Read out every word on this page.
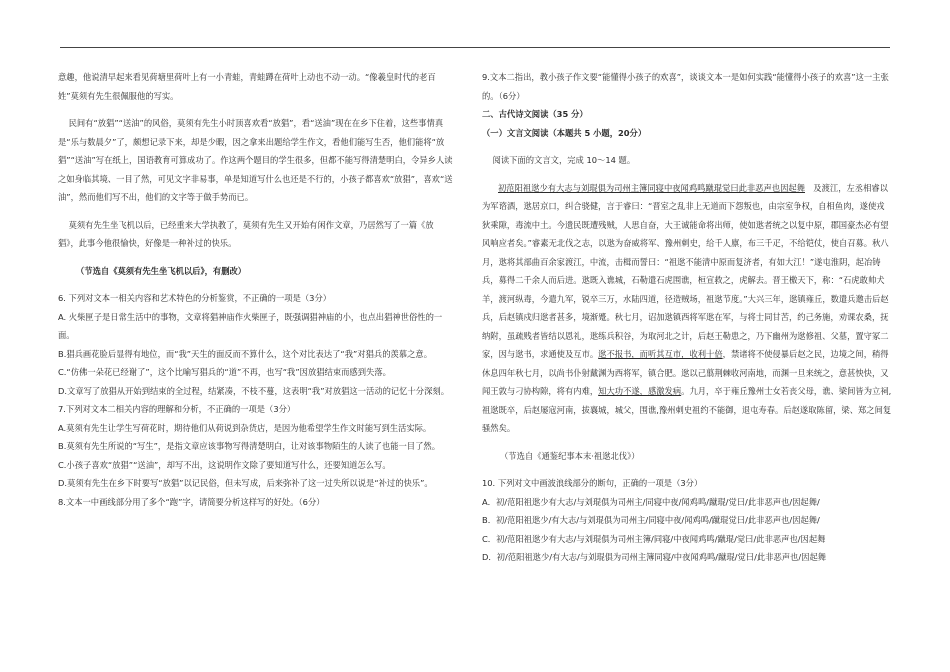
意趣，他说清早起来看见荷塘里荷叶上有一小青蛙，青蛙蹲在荷叶上动也不动一动。“像羲皇时代的老百姓”莫须有先生很佩服他的写实。

民间有“放猖”“送油”的风俗，莫须有先生小时顶喜欢看“放猖”，看“送油”现在在乡下住着，这些事情真是“乐与数晨夕”了，颇想记录下来，却是少暇，因之拿来出题给学生作文，看他们能写生否，他们能将“放猖”“送油”写在纸上，国语教育可算成功了。作这两个题目的学生很多，但都不能写得清楚明白，令异乡人读之如身临其境、一目了然，可见文字非易事，单是知道写什么也还是不行的，小孩子都喜欢“放猖”，喜欢“送油”，然而他们写不出，他们的文字等于做手势而已。

莫须有先生坐飞机以后，已经重来大学执教了，莫须有先生又开始有闲作文章，乃居然写了一篇《放猖》，此事今他很愉快，好像是一种补过的快乐。

（节选自《莫须有先生坐飞机以后》，有删改）

6. 下列对文本一相关内容和艺术特色的分析鉴赏，不正确的一项是（3分）

A. 火柴匣子是日常生活中的事物，文章将猖神庙作火柴匣子，既强调猖神庙的小，也点出猖神世俗性的一面。

B.猖兵画花脸后显得有地位，而“我”天生的面反而不算什么，这个对比表达了“我”对猖兵的羡慕之意。

C.“仿佛一朵花已经谢了”，这个比喻写猖兵的“道”不再，也写“我”因放猖结束而感到失落。

D.文章写了放猖从开始到结束的全过程，结紧凑，不枝不蔓，这表明“我”对放猖这一活动的记忆十分深刻。

7.下列对文本二相关内容的理解和分析，不正确的一项是（3分）

A.莫须有先生让学生写荷花时，期待他们从荷说到杂货店，是因为他希望学生作文时能写到生活实际。

B.莫须有先生所说的“写生”，是指文章应该事物写得清楚明白，让对该事物陌生的人读了也能一目了然。

C.小孩子喜欢“放猖”“送油”，却写不出，这说明作文除了要知道写什么，还要知道怎么写。

D.莫须有先生在乡下时要写“放猖”以记民俗，但未写成，后来弥补了这一过失所以说是“补过的快乐”。

8.文本一中画线部分用了多个“跑”字，请简要分析这样写的好处。（6分）

9.文本二指出，教小孩子作文要“能懂得小孩子的欢喜”，谈谈文本一是如何实践“能懂得小孩子的欢喜”这一主张的。（6分）

二、古代诗文阅读（35 分）

（一）文言文阅读（本题共 5 小题，20分）

阅读下面的文言文，完成 10～14 题。

初范阳祖逖少有大志与刘琨俱为司州主簿同寝中夜闻鸡鸣蹴琨觉曰此非恶声也因起舞　及渡江，左丞相睿以为军谘酒，逖居京口，纠合骁健，言于睿曰：“晋室之乱非上无道而下怨叛也，由宗室争权，自相鱼肉，遂使戎狄乘隙，毒流中土。今遗民既遭残贼，人思自奋，大王诚能命将出师，使如逖者统之以复中原，郡国豪杰必有望风响应者矣。”睿素无北伐之志，以逖为奋威将军、豫州刺史，给千人廪，布三千疋，不给铠仗，使自召募。秋八月，逖将其部曲百余家渡江，中流，击楫而誓曰：“祖逖不能清中原而复济者，有如大江！”遂屯淮阴，起冶铸兵，募得二千余人而后进。逖既入谯城，石勒遣石虎围谯，桓宣救之，虎解去。晋王檄天下，称：“石虎敢帅犬羊，渡河纵毒，今遣九军，锐卒三万，水陆四道，径造贼场，祖逖节度。”大兴三年，逖镇雍丘，数遣兵邀击后赵兵，后赵镇戍归逖者甚多，境渐蹙。秋七月，诏加逖镇西将军逖在军，与将士同甘苦，约己务施，劝课农桑，抚纳附，虽疏贱者皆结以恩礼，逖练兵积谷，为取河北之计，后赵王勒患之，乃下幽州为逖修祖、父墓，置守冢二家，因与逖书，求通使及互市。逖不报书，而听其互市，收利十倍，禁诸将不使侵暴后赵之民，边境之间，稍得休息四年秋七月，以尚书仆射戴渊为西将军，镇合肥。逖以己翦荆棘收河南地，而渊一旦来统之，意甚怏快，又闻王敦与刁协构隙，将有内难，知大功不遂，感激发病。九月，卒于雍丘豫州士女若丧父母，谯、梁间皆为立祠,祖逖既卒，后赵屡寇河南，拔襄城，城父，围谯,豫州刺史祖约不能御，退屯寿春。后赵遂取陈留，梁、郑之间复骚然矣。

（节选自《通鉴纪事本末·祖逖北伐》）

10. 下列对文中画波浪线部分的断句，正确的一项是（3分）

A．初/范阳祖逖少有大志/与刘琨俱为司州主/同寝中夜/闻鸡鸣/蹴琨/觉曰/此非恶声也/因起舞/

B．初/范阳祖逖少/有大志/与刘琨俱为司州主/同寝中夜/闻鸡鸣/蹴琨觉曰/此非恶声也/因起舞/

C．初/范阳祖逖少有大志/与刘琨俱为司州主簿/同寝/中夜闻鸡鸣/蹴琨/觉曰/此非恶声也/因起舞

D．初/范阳祖逖少/有大志/与刘琨俱为司州主簿同寝/中夜闻鸡鸣/蹴琨/觉曰/此非恶声也/因起舞
